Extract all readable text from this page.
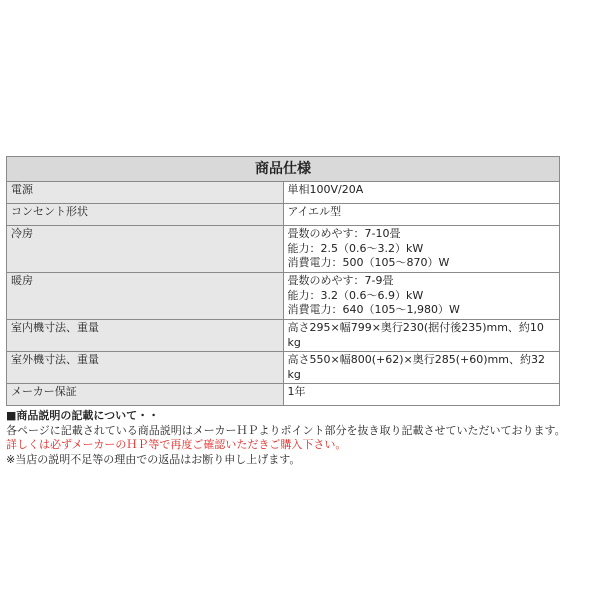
商品仕様	
電源	単相100V/20A

コンセント形状	アイエル型

冷房	畳数のめやす：7-10畳
能力：2.5（0.6～3.2）kW
消費電力：500（105～870）W

暖房	畳数のめやす：7-9畳
能力：3.2（0.6～6.9）kW
消費電力：640（105～1,980）W

室内機寸法、重量	高さ295×幅799×奥行230(据付後235)mm、約10 kg

室外機寸法、重量	高さ550×幅800(+62)×奥行285(+60)mm、約32 kg

メーカー保証	1年
■商品説明の記載について・・
各ページに記載されている商品説明はメーカーＨＰよりポイント部分を抜き取り記載させていただいております。
詳しくは必ずメーカーのＨＰ等で再度ご確認いただきご購入下さい。
※当店の説明不足等の理由での返品はお断り申し上げます。
